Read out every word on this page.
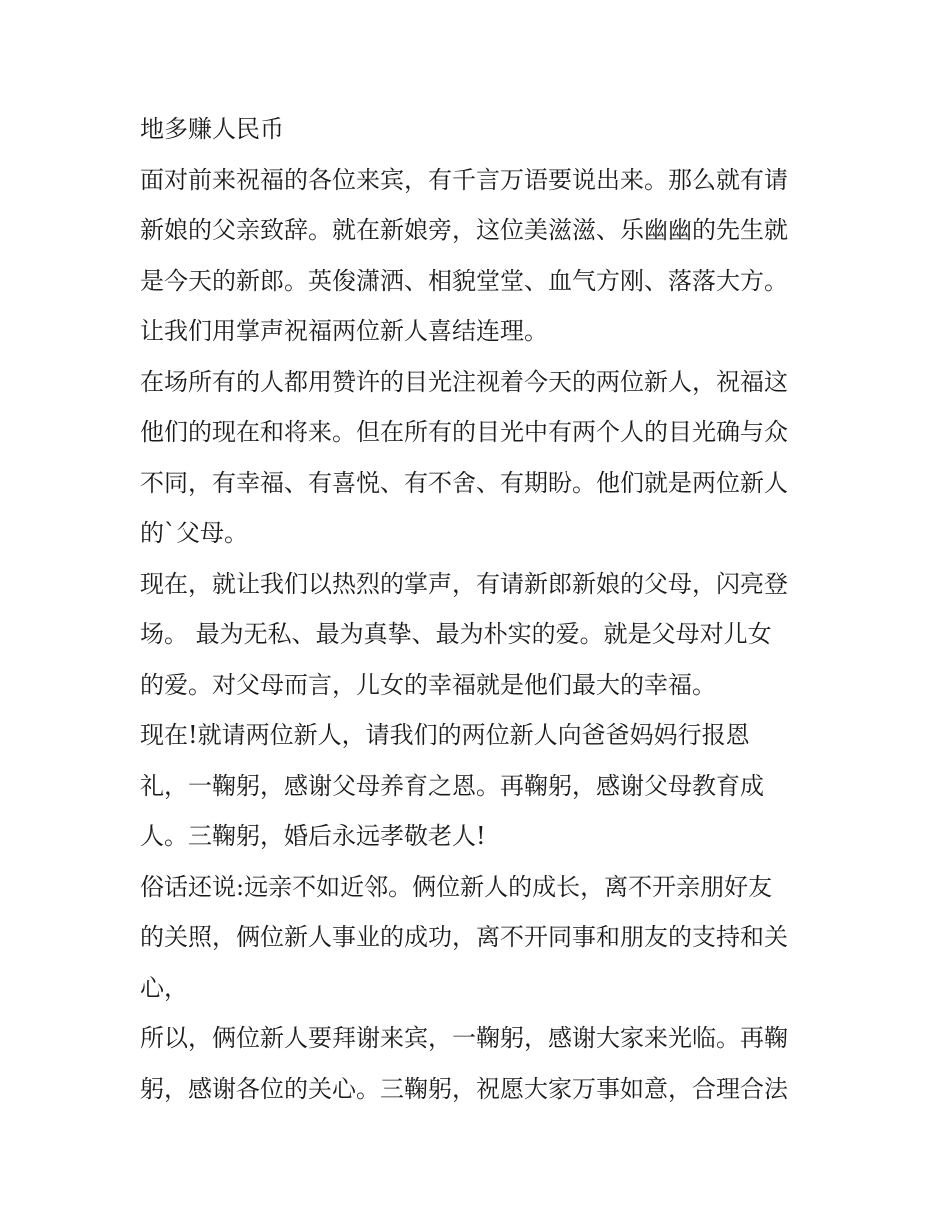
地多赚人民币

面对前来祝福的各位来宾，有千言万语要说出来。那么就有请

新娘的父亲致辞。就在新娘旁，这位美滋滋、乐幽幽的先生就

是今天的新郎。英俊潇洒、相貌堂堂、血气方刚、落落大方。

让我们用掌声祝福两位新人喜结连理。

在场所有的人都用赞许的目光注视着今天的两位新人，祝福这

他们的现在和将来。但在所有的目光中有两个人的目光确与众

不同，有幸福、有喜悦、有不舍、有期盼。他们就是两位新人

的`父母。

现在，就让我们以热烈的掌声，有请新郎新娘的父母，闪亮登

场。 最为无私、最为真挚、最为朴实的爱。就是父母对儿女

的爱。对父母而言，儿女的幸福就是他们最大的幸福。

现在!就请两位新人，请我们的两位新人向爸爸妈妈行报恩

礼，一鞠躬，感谢父母养育之恩。再鞠躬，感谢父母教育成

人。三鞠躬，婚后永远孝敬老人!

俗话还说:远亲不如近邻。俩位新人的成长，离不开亲朋好友

的关照，俩位新人事业的成功，离不开同事和朋友的支持和关

心，

所以，俩位新人要拜谢来宾，一鞠躬，感谢大家来光临。再鞠

躬，感谢各位的关心。三鞠躬，祝愿大家万事如意，合理合法
